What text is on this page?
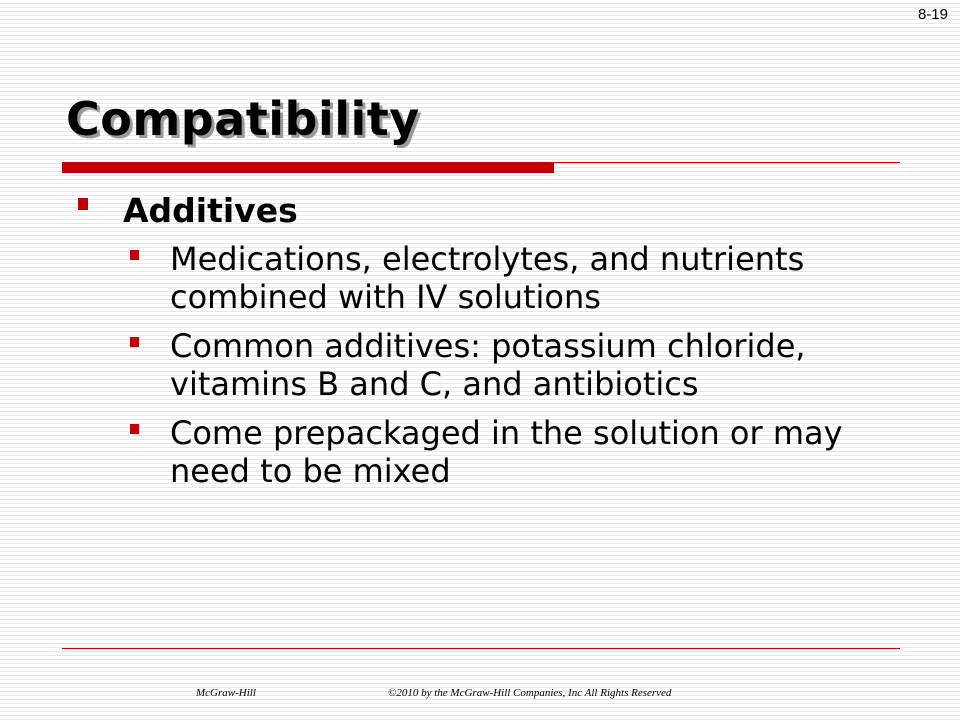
8-19
Compatibility
Additives
Medications, electrolytes, and nutrients combined with IV solutions
Common additives: potassium chloride, vitamins B and C, and antibiotics
Come prepackaged in the solution or may need to be mixed
McGraw-Hill	©2010 by the McGraw-Hill Companies, Inc All Rights Reserved
